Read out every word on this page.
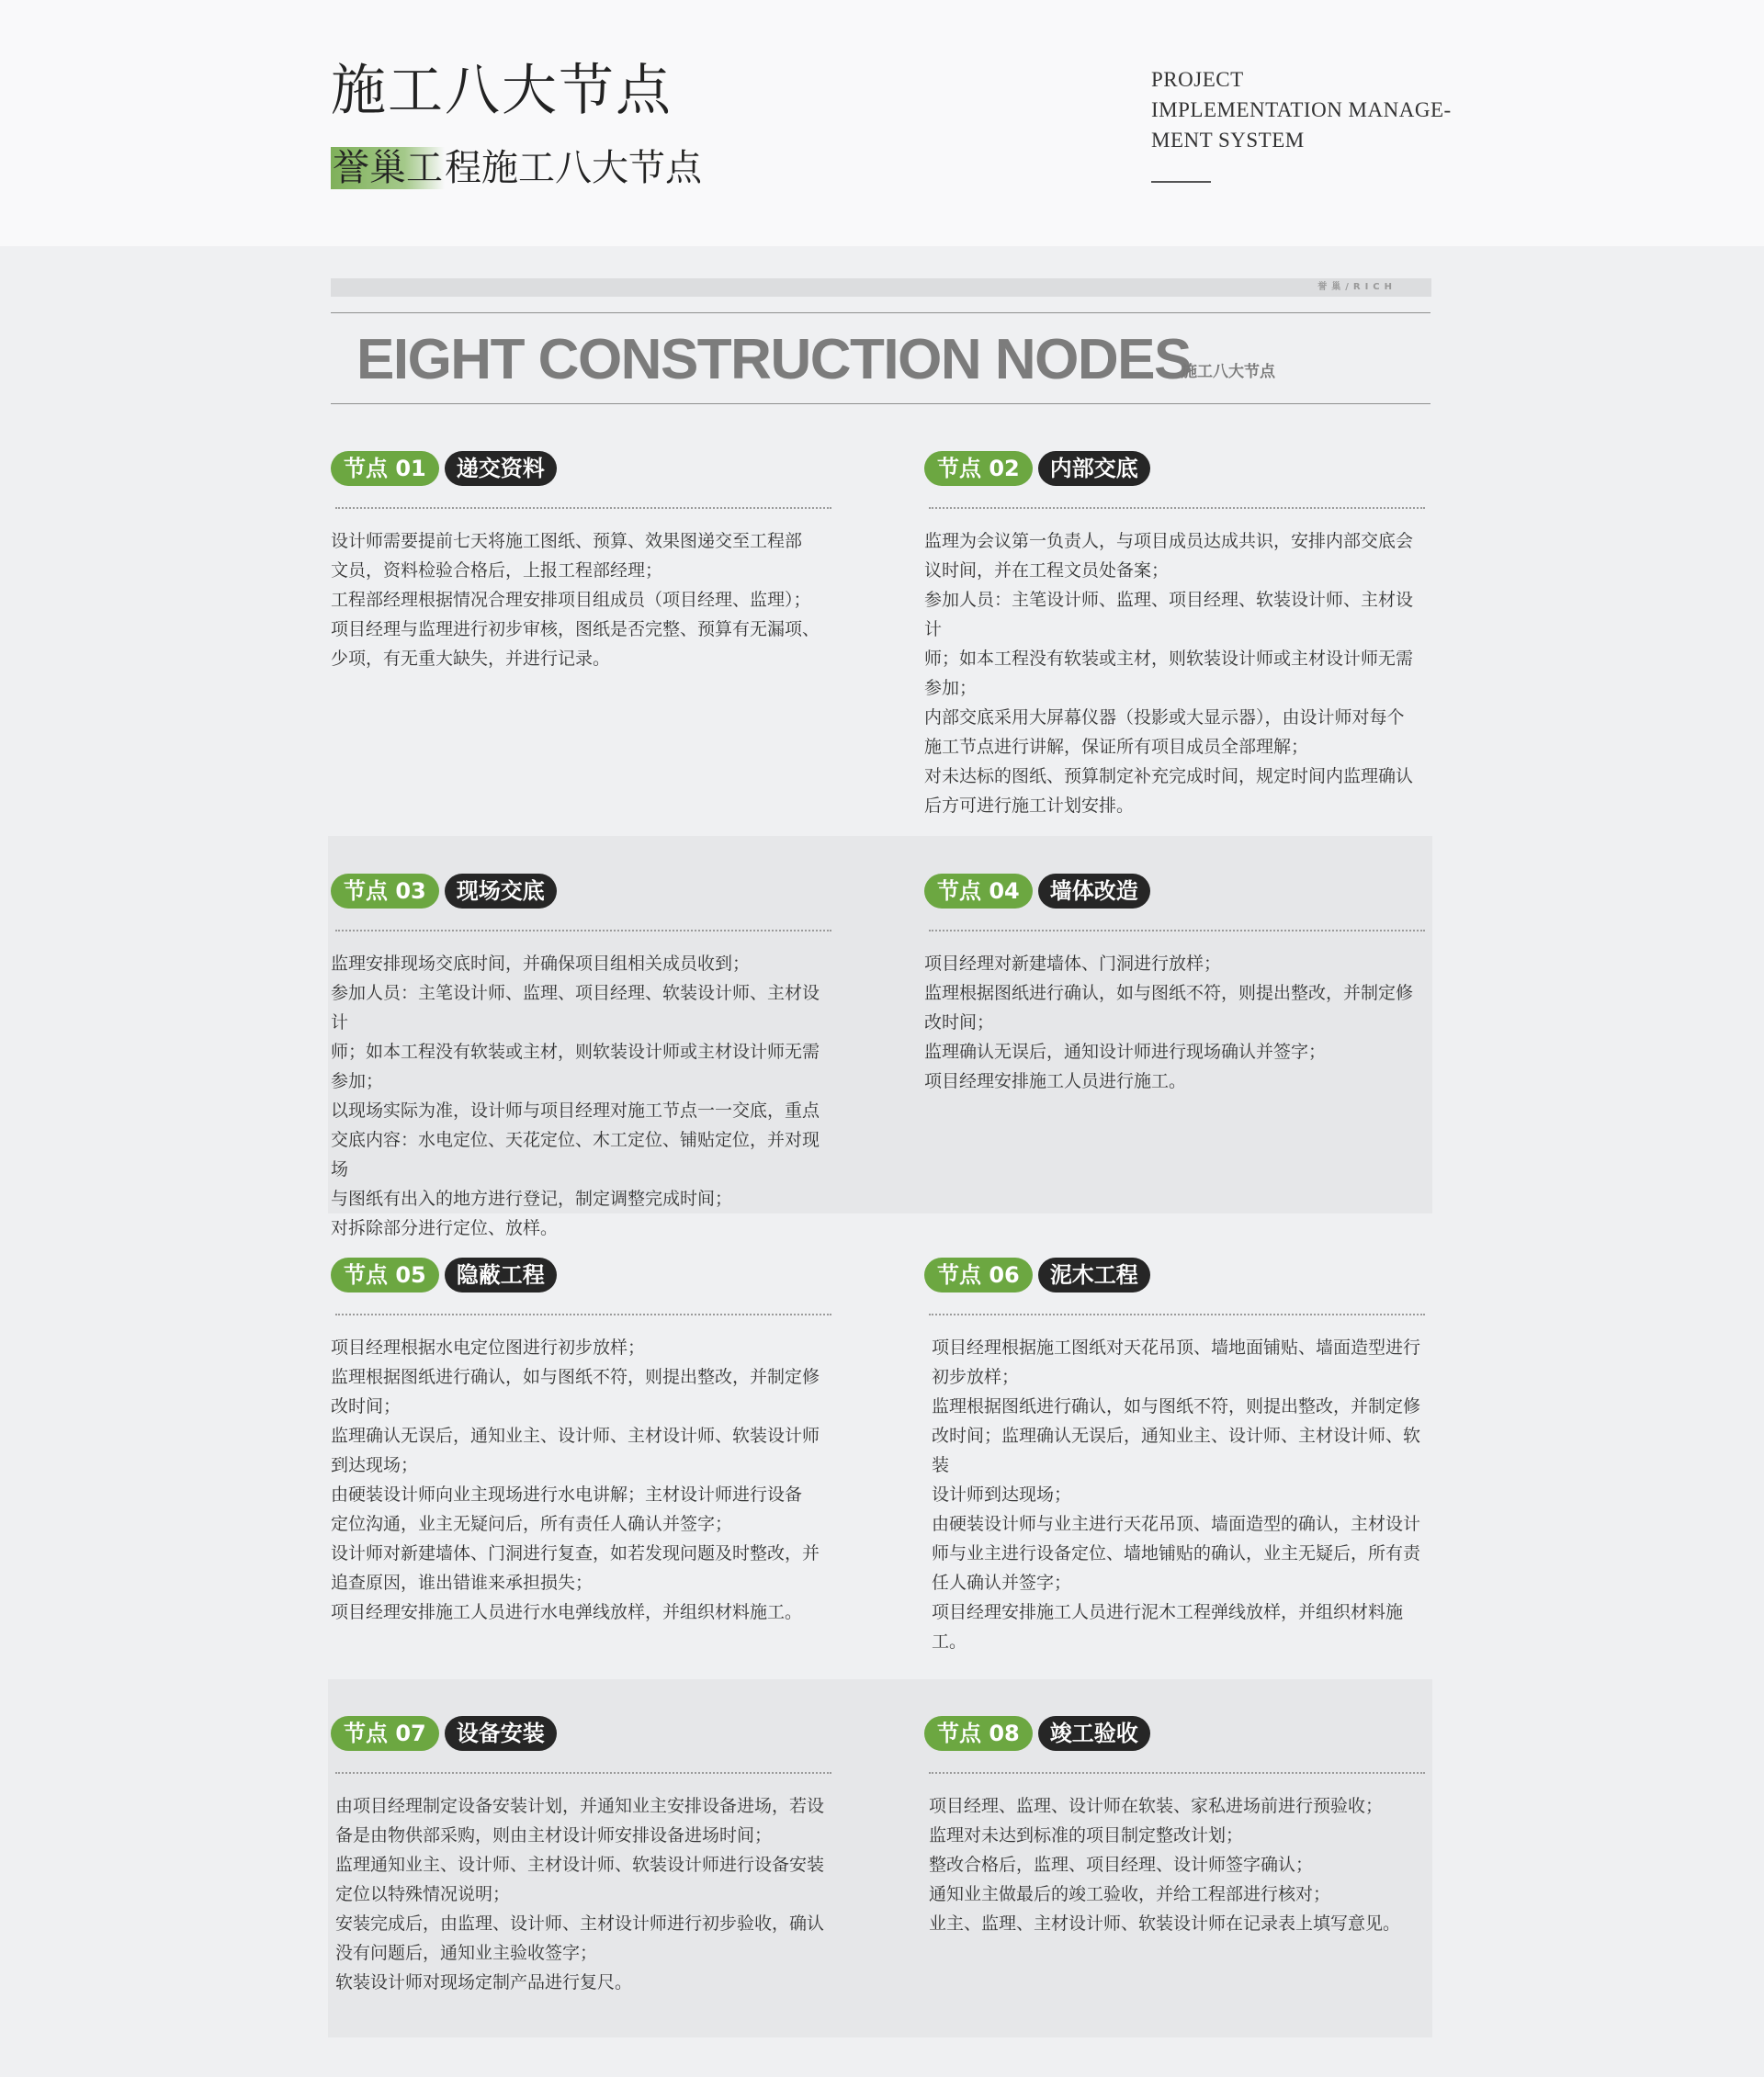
施工八大节点
誉巢工程施工八大节点
PROJECT
IMPLEMENTATION MANAGE-
MENT SYSTEM
誉巢/RICH
EIGHT CONSTRUCTION NODES
施工八大节点
节点 01	递交资料

设计师需要提前七天将施工图纸、预算、效果图递交至工程部

文员，资料检验合格后，上报工程部经理；

工程部经理根据情况合理安排项目组成员（项目经理、监理）；

项目经理与监理进行初步审核，图纸是否完整、预算有无漏项、

少项，有无重大缺失，并进行记录。

节点 02	内部交底

监理为会议第一负责人，与项目成员达成共识，安排内部交底会

议时间，并在工程文员处备案；

参加人员：主笔设计师、监理、项目经理、软装设计师、主材设计

师；如本工程没有软装或主材，则软装设计师或主材设计师无需

参加；

内部交底采用大屏幕仪器（投影或大显示器），由设计师对每个

施工节点进行讲解，保证所有项目成员全部理解；

对未达标的图纸、预算制定补充完成时间，规定时间内监理确认

后方可进行施工计划安排。

节点 03	现场交底

监理安排现场交底时间，并确保项目组相关成员收到；

参加人员：主笔设计师、监理、项目经理、软装设计师、主材设计

师；如本工程没有软装或主材，则软装设计师或主材设计师无需

参加；

以现场实际为准，设计师与项目经理对施工节点一一交底，重点

交底内容：水电定位、天花定位、木工定位、铺贴定位，并对现场

与图纸有出入的地方进行登记，制定调整完成时间；

对拆除部分进行定位、放样。

节点 04	墙体改造

项目经理对新建墙体、门洞进行放样；

监理根据图纸进行确认，如与图纸不符，则提出整改，并制定修

改时间；

监理确认无误后，通知设计师进行现场确认并签字；

项目经理安排施工人员进行施工。

节点 05	隐蔽工程

项目经理根据水电定位图进行初步放样；

监理根据图纸进行确认，如与图纸不符，则提出整改，并制定修

改时间；

监理确认无误后，通知业主、设计师、主材设计师、软装设计师

到达现场；

由硬装设计师向业主现场进行水电讲解；主材设计师进行设备

定位沟通，业主无疑问后，所有责任人确认并签字；

设计师对新建墙体、门洞进行复查，如若发现问题及时整改，并

追查原因，谁出错谁来承担损失；

项目经理安排施工人员进行水电弹线放样，并组织材料施工。

节点 06	泥木工程

项目经理根据施工图纸对天花吊顶、墙地面铺贴、墙面造型进行

初步放样；

监理根据图纸进行确认，如与图纸不符，则提出整改，并制定修

改时间；监理确认无误后，通知业主、设计师、主材设计师、软装

设计师到达现场；

由硬装设计师与业主进行天花吊顶、墙面造型的确认，主材设计

师与业主进行设备定位、墙地铺贴的确认，业主无疑后，所有责

任人确认并签字；

项目经理安排施工人员进行泥木工程弹线放样，并组织材料施

工。

节点 07	设备安装

由项目经理制定设备安装计划，并通知业主安排设备进场，若设

备是由物供部采购，则由主材设计师安排设备进场时间；

监理通知业主、设计师、主材设计师、软装设计师进行设备安装

定位以特殊情况说明；

安装完成后，由监理、设计师、主材设计师进行初步验收，确认

没有问题后，通知业主验收签字；

软装设计师对现场定制产品进行复尺。

节点 08	竣工验收

项目经理、监理、设计师在软装、家私进场前进行预验收；

监理对未达到标准的项目制定整改计划；

整改合格后，监理、项目经理、设计师签字确认；

通知业主做最后的竣工验收，并给工程部进行核对；

业主、监理、主材设计师、软装设计师在记录表上填写意见。
